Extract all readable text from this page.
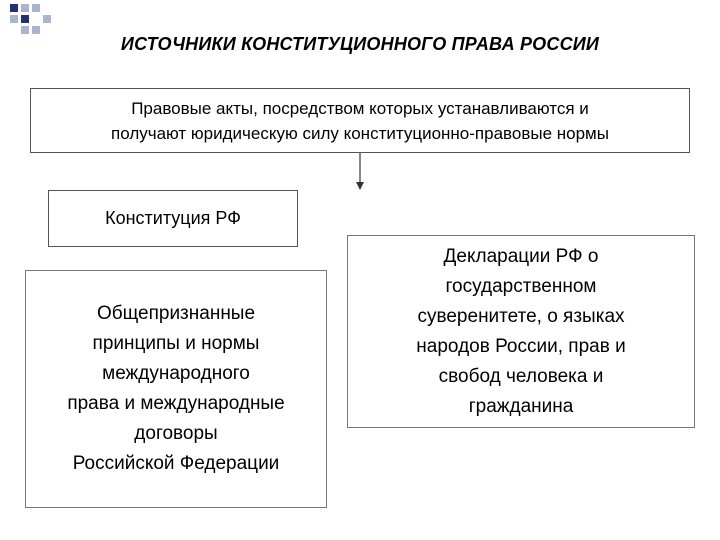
ИСТОЧНИКИ КОНСТИТУЦИОННОГО ПРАВА РОССИИ
Правовые акты, посредством которых устанавливаются и
получают юридическую силу конституционно-правовые нормы
Конституция РФ
Общепризнанные
принципы и нормы
международного
права и международные
договоры
Российской Федерации
Декларации РФ о
государственном
суверенитете, о языках
народов России, прав и
свобод человека и
гражданина
